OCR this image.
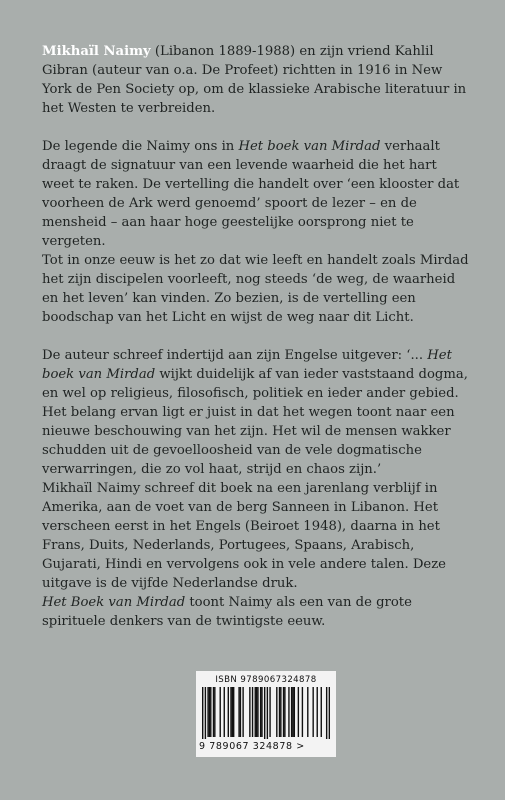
Mikhaïl Naimy (Libanon 1889-1988) en zijn vriend Kahlil Gibran (auteur van o.a. De Profeet) richtten in 1916 in New York de Pen Society op, om de klassieke Arabische literatuur in het Westen te verbreiden.

De legende die Naimy ons in Het boek van Mirdad verhaalt draagt de signatuur van een levende waarheid die het hart weet te raken. De vertelling die handelt over ‘een klooster dat voorheen de Ark werd genoemd’ spoort de lezer – en de mensheid – aan haar hoge geestelijke oorsprong niet te vergeten.

Tot in onze eeuw is het zo dat wie leeft en handelt zoals Mirdad het zijn discipelen voorleeft, nog steeds ‘de weg, de waarheid en het leven’ kan vinden. Zo bezien, is de vertelling een boodschap van het Licht en wijst de weg naar dit Licht.

De auteur schreef indertijd aan zijn Engelse uitgever: ‘... Het boek van Mirdad wijkt duidelijk af van ieder vaststaand dogma, en wel op religieus, filosofisch, politiek en ieder ander gebied. Het belang ervan ligt er juist in dat het wegen toont naar een nieuwe beschouwing van het zijn. Het wil de mensen wakker schudden uit de gevoelloosheid van de vele dogmatische verwarringen, die zo vol haat, strijd en chaos zijn.’

Mikhaïl Naimy schreef dit boek na een jarenlang verblijf in Amerika, aan de voet van de berg Sanneen in Libanon. Het verscheen eerst in het Engels (Beiroet 1948), daarna in het Frans, Duits, Nederlands, Portugees, Spaans, Arabisch, Gujarati, Hindi en vervolgens ook in vele andere talen. Deze uitgave is de vijfde Nederlandse druk.

Het Boek van Mirdad toont Naimy als een van de grote spirituele denkers van de twintigste eeuw.

ISBN 9789067324878
9 789067 324878 >
